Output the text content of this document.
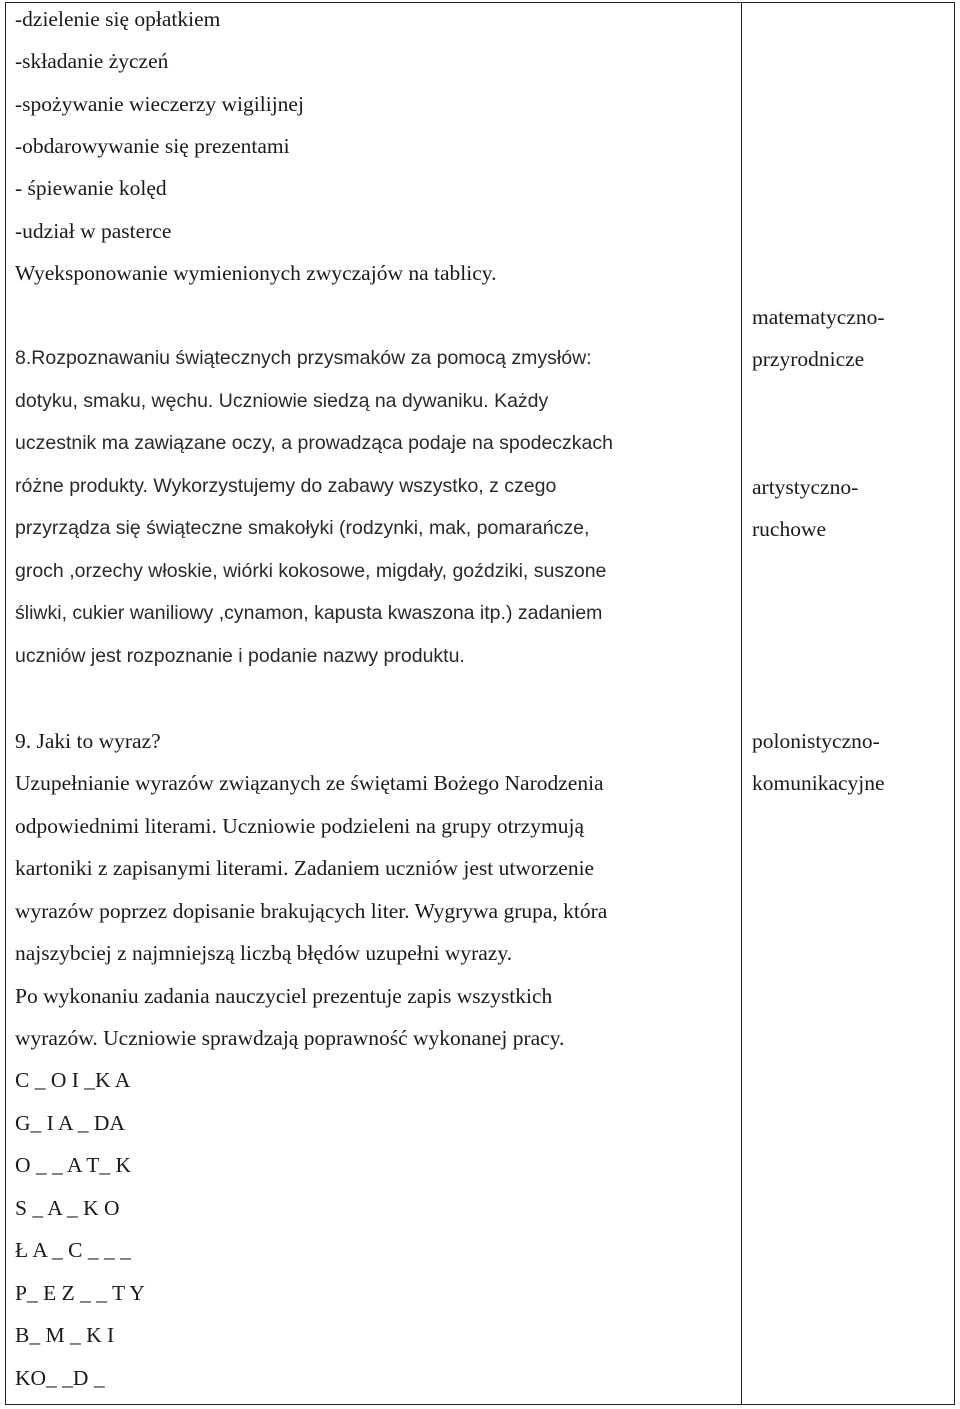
-dzielenie się opłatkiem
-składanie życzeń
-spożywanie wieczerzy wigilijnej
-obdarowywanie się prezentami
- śpiewanie kolęd
-udział w pasterce
Wyeksponowanie wymienionych zwyczajów na tablicy.
8.Rozpoznawaniu świątecznych przysmaków za pomocą zmysłów:
dotyku, smaku, węchu. Uczniowie siedzą na dywaniku. Każdy
uczestnik ma zawiązane oczy, a prowadząca podaje na spodeczkach
różne produkty. Wykorzystujemy do zabawy wszystko, z czego
przyrządza się świąteczne smakołyki (rodzynki, mak, pomarańcze,
groch ,orzechy włoskie, wiórki kokosowe, migdały, goździki, suszone
śliwki, cukier waniliowy ,cynamon, kapusta kwaszona itp.) zadaniem
uczniów jest rozpoznanie i podanie nazwy produktu.
9. Jaki to wyraz?
Uzupełnianie wyrazów związanych ze świętami Bożego Narodzenia
odpowiednimi literami. Uczniowie podzieleni na grupy otrzymują
kartoniki z zapisanymi literami. Zadaniem uczniów jest utworzenie
wyrazów poprzez dopisanie brakujących liter. Wygrywa grupa, która
najszybciej z najmniejszą liczbą błędów uzupełni wyrazy.
Po wykonaniu zadania nauczyciel prezentuje zapis wszystkich
wyrazów. Uczniowie sprawdzają poprawność wykonanej pracy.
C _ O I _K A
G_ I A _ DA
O _ _ A T_ K
S _ A _ K O
Ł A _ C _ _ _
P_ E Z _ _ T Y
B_ M _ K I
KO_ _D _
matematyczno-
przyrodnicze
artystyczno-
ruchowe
polonistyczno-
komunikacyjne
